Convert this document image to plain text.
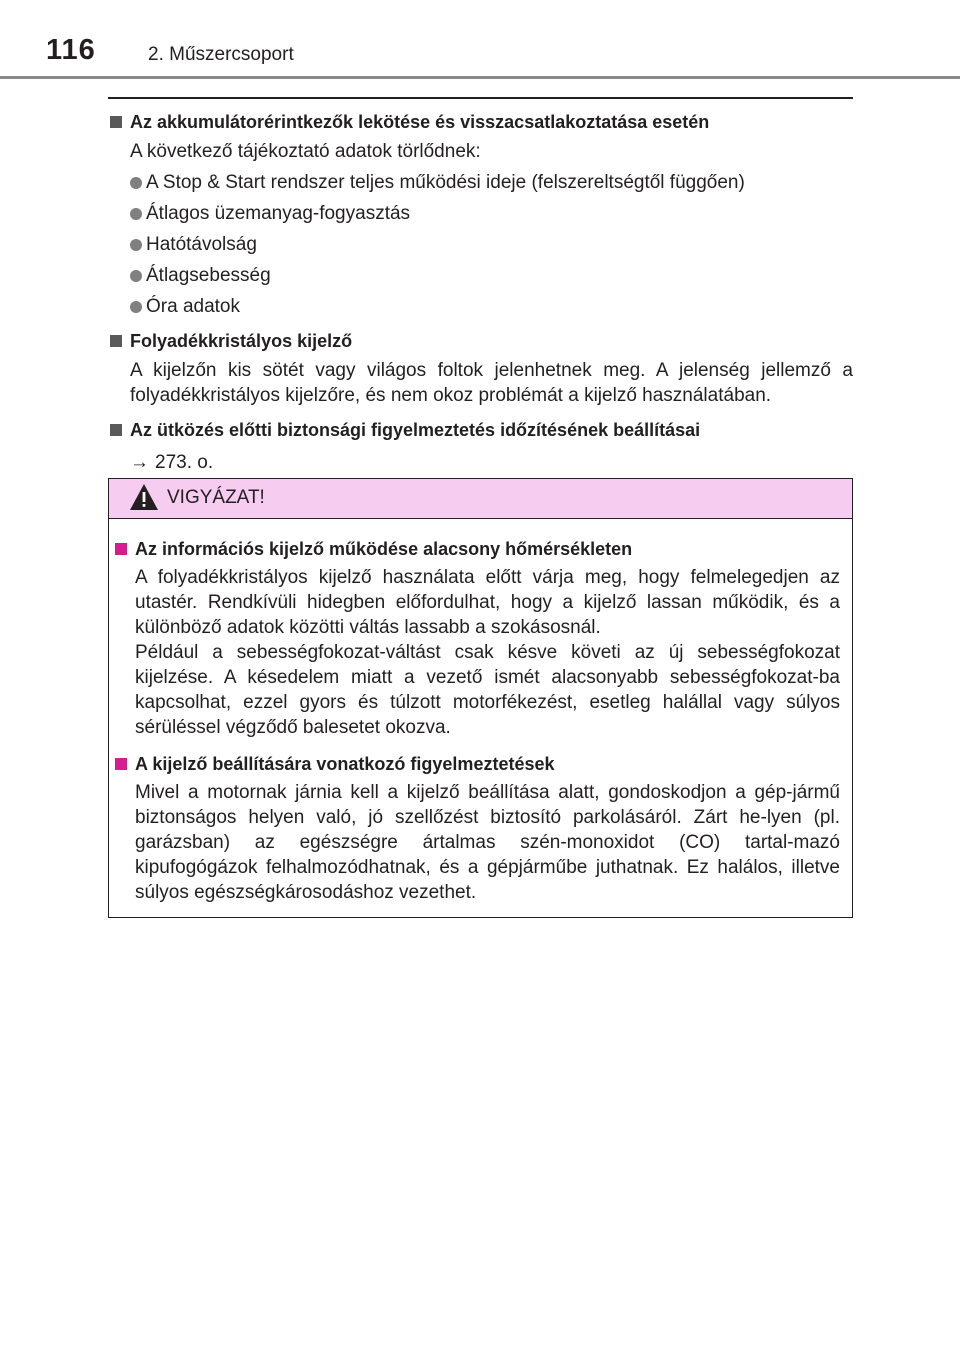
116	2. Műszercsoport
Az akkumulátorérintkezők lekötése és visszacsatlakoztatása esetén
A következő tájékoztató adatok törlődnek:
A Stop & Start rendszer teljes működési ideje (felszereltségtől függően)
Átlagos üzemanyag-fogyasztás
Hatótávolság
Átlagsebesség
Óra adatok
Folyadékkristályos kijelző
A kijelzőn kis sötét vagy világos foltok jelenhetnek meg. A jelenség jellemző a folyadékkristályos kijelzőre, és nem okoz problémát a kijelző használatában.
Az ütközés előtti biztonsági figyelmeztetés időzítésének beállításai
→ 273. o.
VIGYÁZAT!
Az információs kijelző működése alacsony hőmérsékleten
A folyadékkristályos kijelző használata előtt várja meg, hogy felmelegedjen az utastér. Rendkívüli hidegben előfordulhat, hogy a kijelző lassan működik, és a különböző adatok közötti váltás lassabb a szokásosnál.
Például a sebességfokozat-váltást csak késve követi az új sebességfokozat kijelzése. A késedelem miatt a vezető ismét alacsonyabb sebességfokozat-ba kapcsolhat, ezzel gyors és túlzott motorfékezést, esetleg halállal vagy súlyos sérüléssel végződő balesetet okozva.
A kijelző beállítására vonatkozó figyelmeztetések
Mivel a motornak járnia kell a kijelző beállítása alatt, gondoskodjon a gép-jármű biztonságos helyen való, jó szellőzést biztosító parkolásáról. Zárt he-lyen (pl. garázsban) az egészségre ártalmas szén-monoxidot (CO) tartal-mazó kipufogógázok felhalmozódhatnak, és a gépjárműbe juthatnak. Ez halálos, illetve súlyos egészségkárosodáshoz vezethet.
